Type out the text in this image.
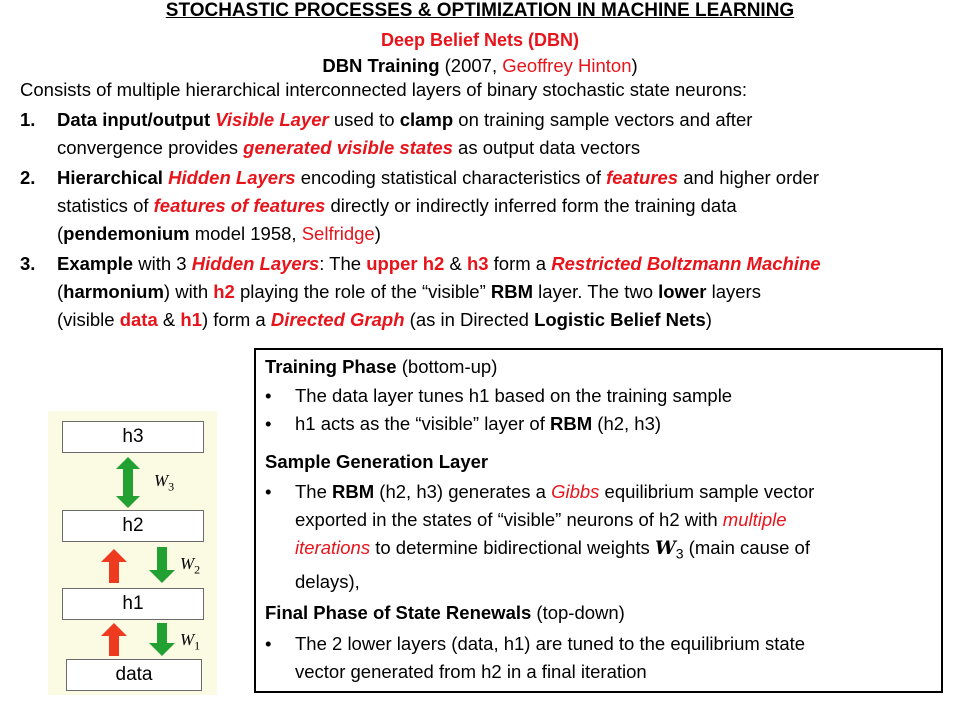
STOCHASTIC PROCESSES & OPTIMIZATION IN MACHINE LEARNING
Deep Belief Nets (DBN)
DBN Training (2007, Geoffrey Hinton)
Consists of multiple hierarchical interconnected layers of binary stochastic state neurons:
1. Data input/output Visible Layer used to clamp on training sample vectors and after
convergence provides generated visible states as output data vectors
2. Hierarchical Hidden Layers encoding statistical characteristics of features and higher order
statistics of features of features directly or indirectly inferred form the training data
(pendemonium model 1958, Selfridge)
3. Example with 3 Hidden Layers: The upper h2 & h3 form a Restricted Boltzmann Machine
(harmonium) with h2 playing the role of the “visible” RBM layer. The two lower layers
(visible data & h1) form a Directed Graph (as in Directed Logistic Belief Nets)
h3
h2
h1
data
$W_3$
$W_2$
$W_1$
Training Phase (bottom-up)
• The data layer tunes h1 based on the training sample
• h1 acts as the “visible” layer of RBM (h2, h3)
Sample Generation Layer
• The RBM (h2, h3) generates a Gibbs equilibrium sample vector
exported in the states of “visible” neurons of h2 with multiple
iterations to determine bidirectional weights $W_3$ (main cause of
delays),
Final Phase of State Renewals (top-down)
• The 2 lower layers (data, h1) are tuned to the equilibrium state
vector generated from h2 in a final iteration
